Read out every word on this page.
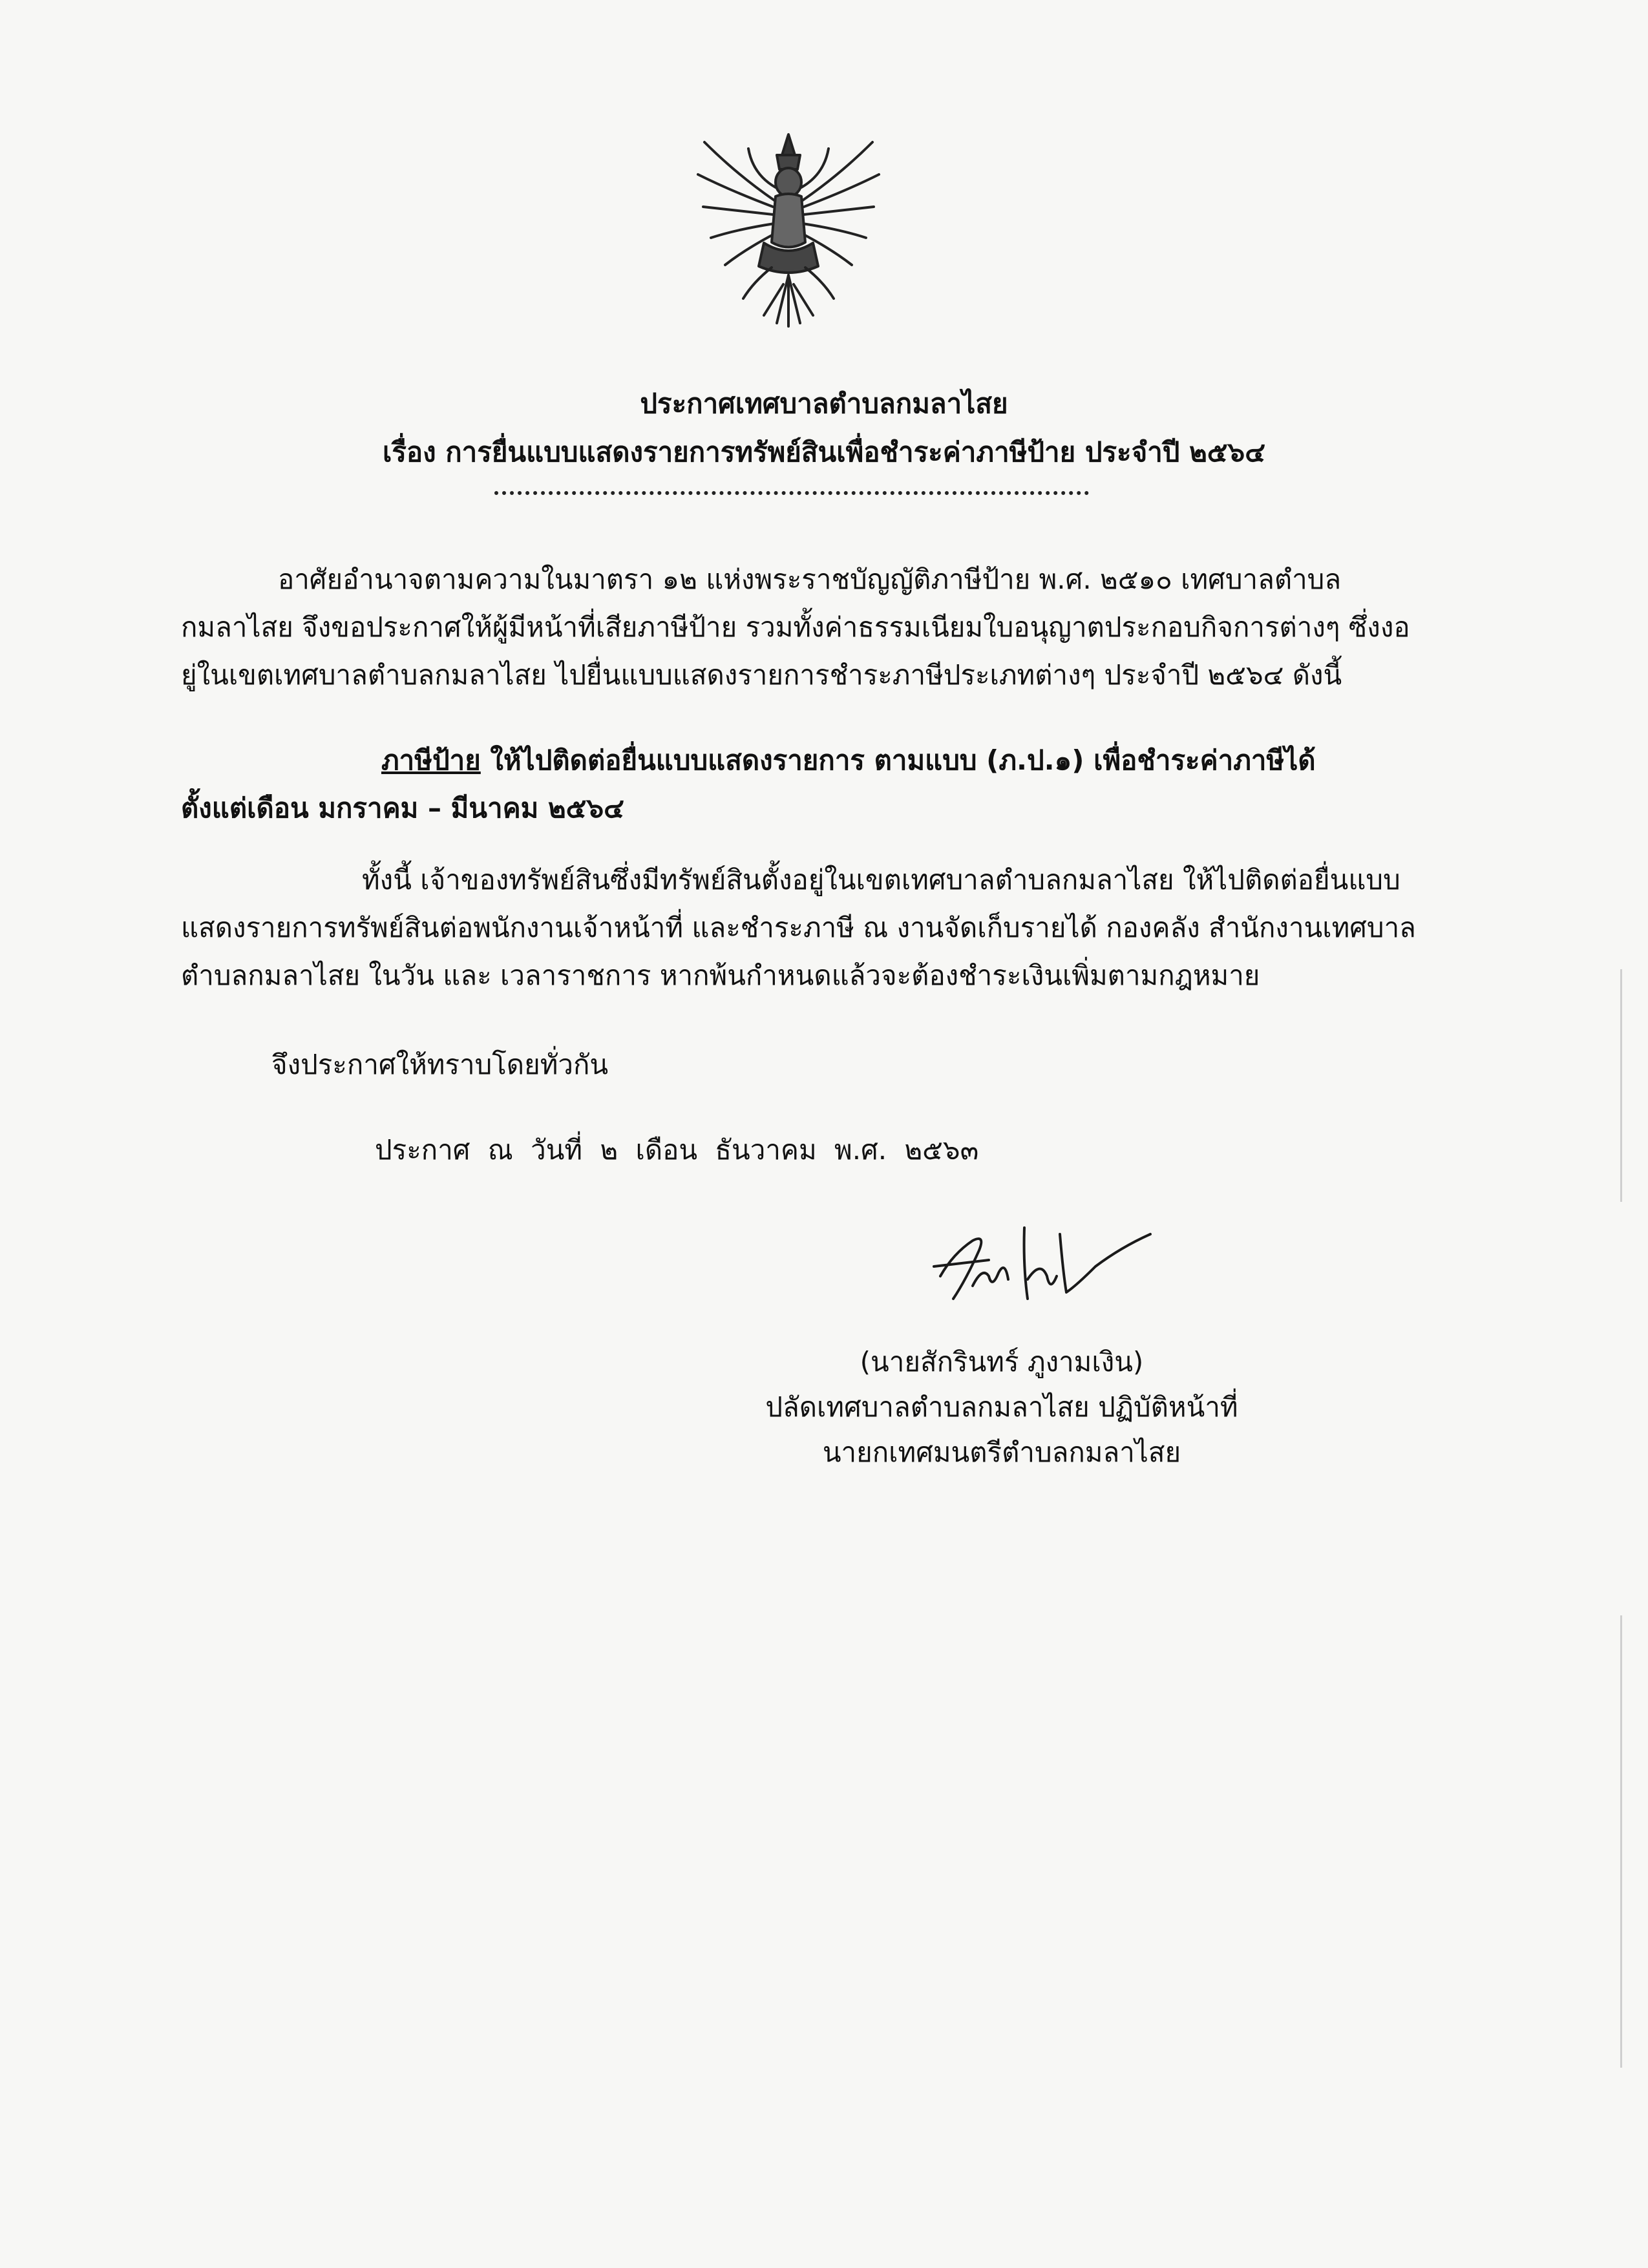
ประกาศเทศบาลตำบลกมลาไสย
เรื่อง การยื่นแบบแสดงรายการทรัพย์สินเพื่อชำระค่าภาษีป้าย ประจำปี ๒๕๖๔
อาศัยอำนาจตามความในมาตรา ๑๒ แห่งพระราชบัญญัติภาษีป้าย พ.ศ. ๒๕๑๐ เทศบาลตำบล
กมลาไสย จึงขอประกาศให้ผู้มีหน้าที่เสียภาษีป้าย รวมทั้งค่าธรรมเนียมใบอนุญาตประกอบกิจการต่างๆ ซึ่งงอ
ยู่ในเขตเทศบาลตำบลกมลาไสย ไปยื่นแบบแสดงรายการชำระภาษีประเภทต่างๆ ประจำปี ๒๕๖๔ ดังนี้
ภาษีป้าย ให้ไปติดต่อยื่นแบบแสดงรายการ ตามแบบ (ภ.ป.๑) เพื่อชำระค่าภาษีได้
ตั้งแต่เดือน มกราคม – มีนาคม ๒๕๖๔
ทั้งนี้ เจ้าของทรัพย์สินซึ่งมีทรัพย์สินตั้งอยู่ในเขตเทศบาลตำบลกมลาไสย ให้ไปติดต่อยื่นแบบ
แสดงรายการทรัพย์สินต่อพนักงานเจ้าหน้าที่ และชำระภาษี ณ งานจัดเก็บรายได้ กองคลัง สำนักงานเทศบาล
ตำบลกมลาไสย ในวัน และ เวลาราชการ หากพ้นกำหนดแล้วจะต้องชำระเงินเพิ่มตามกฎหมาย
จึงประกาศให้ทราบโดยทั่วกัน
ประกาศ ณ วันที่ ๒ เดือน ธันวาคม พ.ศ. ๒๕๖๓
(นายสักรินทร์ ภูงามเงิน)
ปลัดเทศบาลตำบลกมลาไสย ปฏิบัติหน้าที่
นายกเทศมนตรีตำบลกมลาไสย
